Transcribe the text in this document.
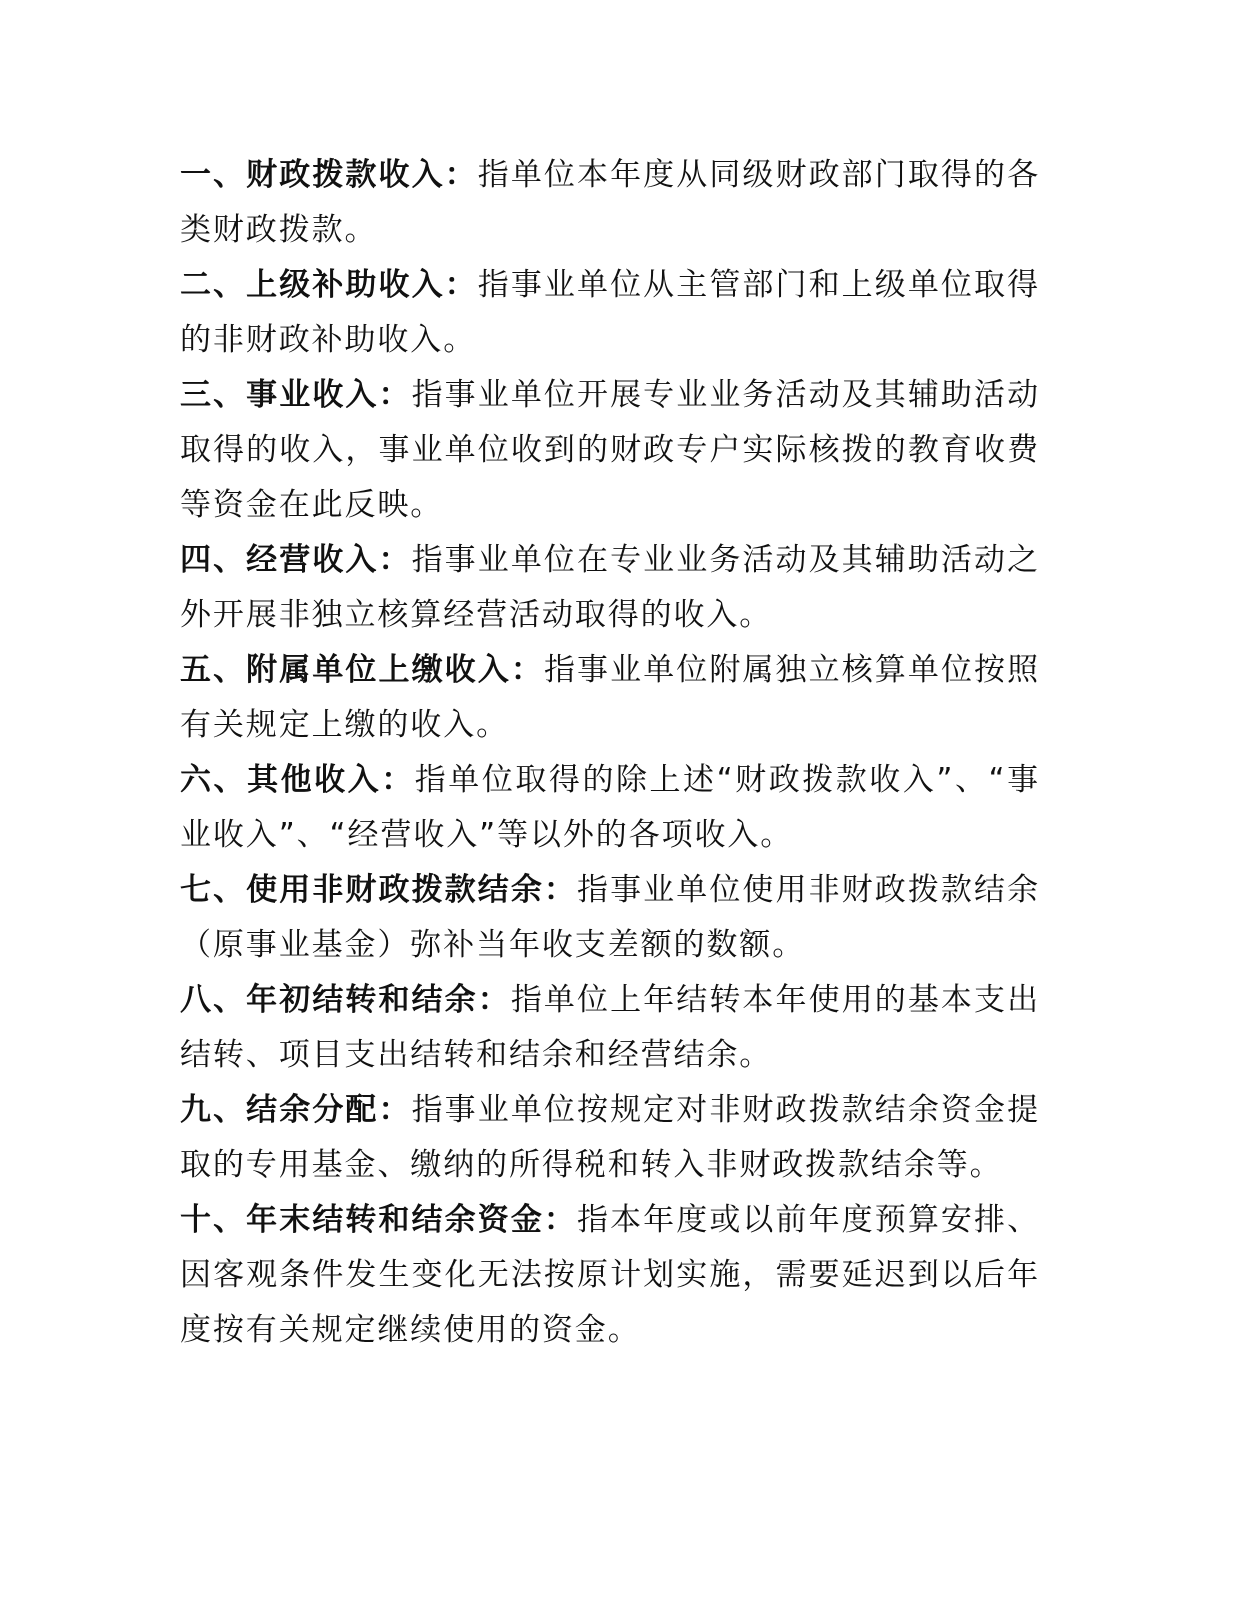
一、财政拨款收入：指单位本年度从同级财政部门取得的各类财政拨款。

二、上级补助收入：指事业单位从主管部门和上级单位取得的非财政补助收入。

三、事业收入：指事业单位开展专业业务活动及其辅助活动取得的收入，事业单位收到的财政专户实际核拨的教育收费等资金在此反映。

四、经营收入：指事业单位在专业业务活动及其辅助活动之外开展非独立核算经营活动取得的收入。

五、附属单位上缴收入：指事业单位附属独立核算单位按照有关规定上缴的收入。

六、其他收入：指单位取得的除上述“财政拨款收入”、“事业收入”、“经营收入”等以外的各项收入。

七、使用非财政拨款结余：指事业单位使用非财政拨款结余（原事业基金）弥补当年收支差额的数额。

八、年初结转和结余：指单位上年结转本年使用的基本支出结转、项目支出结转和结余和经营结余。

九、结余分配：指事业单位按规定对非财政拨款结余资金提取的专用基金、缴纳的所得税和转入非财政拨款结余等。

十、年末结转和结余资金：指本年度或以前年度预算安排、因客观条件发生变化无法按原计划实施，需要延迟到以后年度按有关规定继续使用的资金。
